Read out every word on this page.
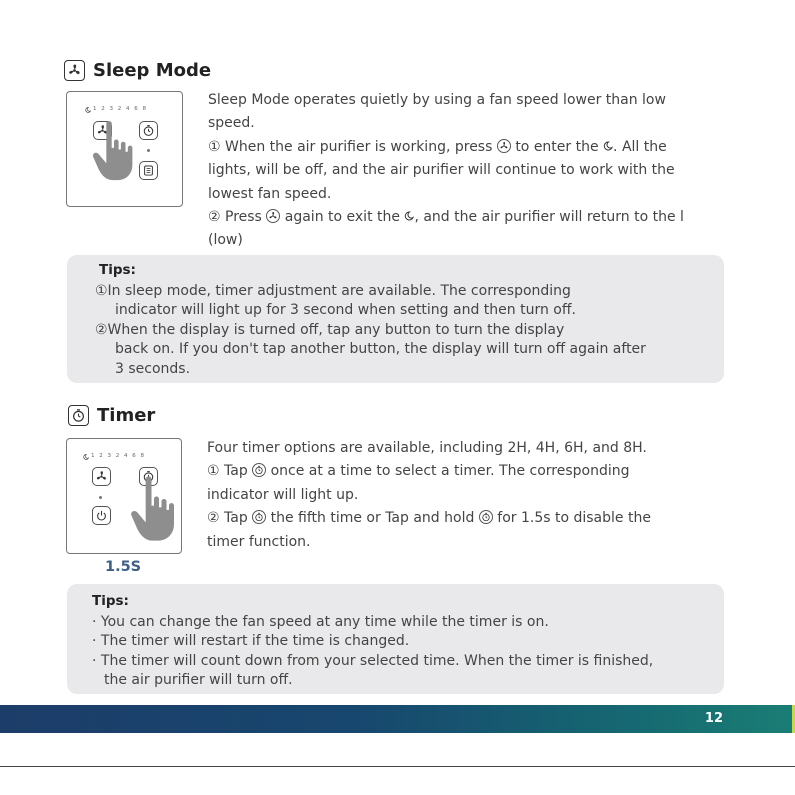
Sleep Mode
1 2 3 2 4 6 8

Sleep Mode operates quietly by using a fan speed lower than low

speed.

① When the air purifier is working, press to enter the . All the

lights, will be off, and the air purifier will continue to work with the

lowest fan speed.

② Press again to exit the , and the air purifier will return to the l

(low)

Tips:

①In sleep mode, timer adjustment are available. The corresponding

indicator will light up for 3 second when setting and then turn off.

②When the display is turned off, tap any button to turn the display

back on. If you don't tap another button, the display will turn off again after

3 seconds.

Timer
1 2 3 2 4 6 8
1.5S

Four timer options are available, including 2H, 4H, 6H, and 8H.

① Tap once at a time to select a timer. The corresponding

indicator will light up.

② Tap the fifth time or Tap and hold for 1.5s to disable the

timer function.

Tips:

· You can change the fan speed at any time while the timer is on.

· The timer will restart if the time is changed.

· The timer will count down from your selected time. When the timer is finished,

the air purifier will turn off.

12
